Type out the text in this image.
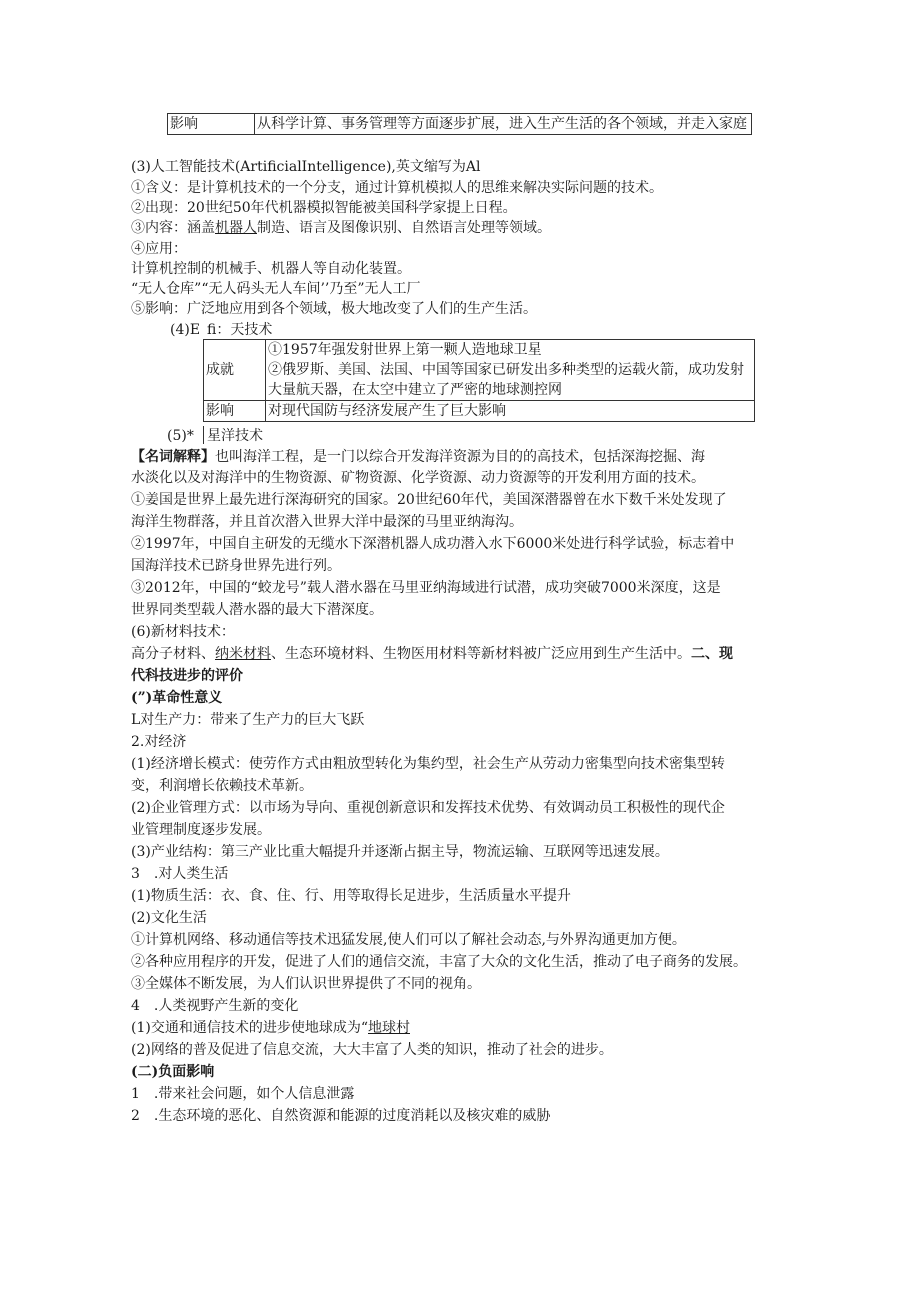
影响	从科学计算、事务管理等方面逐步扩展，进入生产生活的各个领域，并走入家庭
(3)人工智能技术(ArtificialIntelligence),英文缩写为Al
①含义：是计算机技术的一个分支，通过计算机模拟人的思维来解决实际问题的技术。
②出现：20世纪50年代机器模拟智能被美国科学家提上日程。
③内容：涵盖机器人制造、语言及图像识别、自然语言处理等领域。
④应用：
计算机控制的机械手、机器人等自动化装置。
“无人仓库”“无人码头无人车间’’乃至”无人工厂
⑤影响：广泛地应用到各个领域，极大地改变了人们的生产生活。
(4)E fi：天技术
成就	①1957年强发射世界上第一颗人造地球卫星
②俄罗斯、美国、法国、中国等国家已研发出多种类型的运载火箭，成功发射大量航天器，在太空中建立了严密的地球测控网
影响	对现代国防与经济发展产生了巨大影响
(5)* 星洋技术
【名词解释】也叫海洋工程，是一门以综合开发海洋资源为目的的高技术，包括深海挖掘、海
水淡化以及对海洋中的生物资源、矿物资源、化学资源、动力资源等的开发利用方面的技术。
①姜国是世界上最先进行深海研究的国家。20世纪60年代，美国深潜器曾在水下数千米处发现了
海洋生物群落，并且首次潜入世界大洋中最深的马里亚纳海沟。
②1997年，中国自主研发的无缆水下深潜机器人成功潜入水下6000米处进行科学试验，标志着中
国海洋技术已跻身世界先进行列。
③2012年，中国的“蛟龙号”载人潜水器在马里亚纳海域进行试潜，成功突破7000米深度，这是
世界同类型载人潜水器的最大下潜深度。
(6)新材料技术：
高分子材料、纳米材料、生态环境材料、生物医用材料等新材料被广泛应用到生产生活中。二、现
代科技进步的评价
(”)革命性意义
L对生产力：带来了生产力的巨大飞跃
2.对经济
(1)经济增长模式：使劳作方式由粗放型转化为集约型，社会生产从劳动力密集型向技术密集型转
变，利润增长依赖技术革新。
(2)企业管理方式：以市场为导向、重视创新意识和发挥技术优势、有效调动员工积极性的现代企
业管理制度逐步发展。
(3)产业结构：第三产业比重大幅提升并逐渐占据主导，物流运输、互联网等迅速发展。
3　.对人类生活
(1)物质生活：衣、食、住、行、用等取得长足进步，生活质量水平提升
(2)文化生活
①计算机网络、移动通信等技术迅猛发展,使人们可以了解社会动态,与外界沟通更加方便。
②各种应用程序的开发，促进了人们的通信交流，丰富了大众的文化生活，推动了电子商务的发展。
③全媒体不断发展，为人们认识世界提供了不同的视角。
4　.人类视野产生新的变化
(1)交通和通信技术的进步使地球成为“地球村
(2)网络的普及促进了信息交流，大大丰富了人类的知识，推动了社会的进步。
(二)负面影响
1　.带来社会问题，如个人信息泄露
2　.生态环境的恶化、自然资源和能源的过度消耗以及核灾难的威胁
